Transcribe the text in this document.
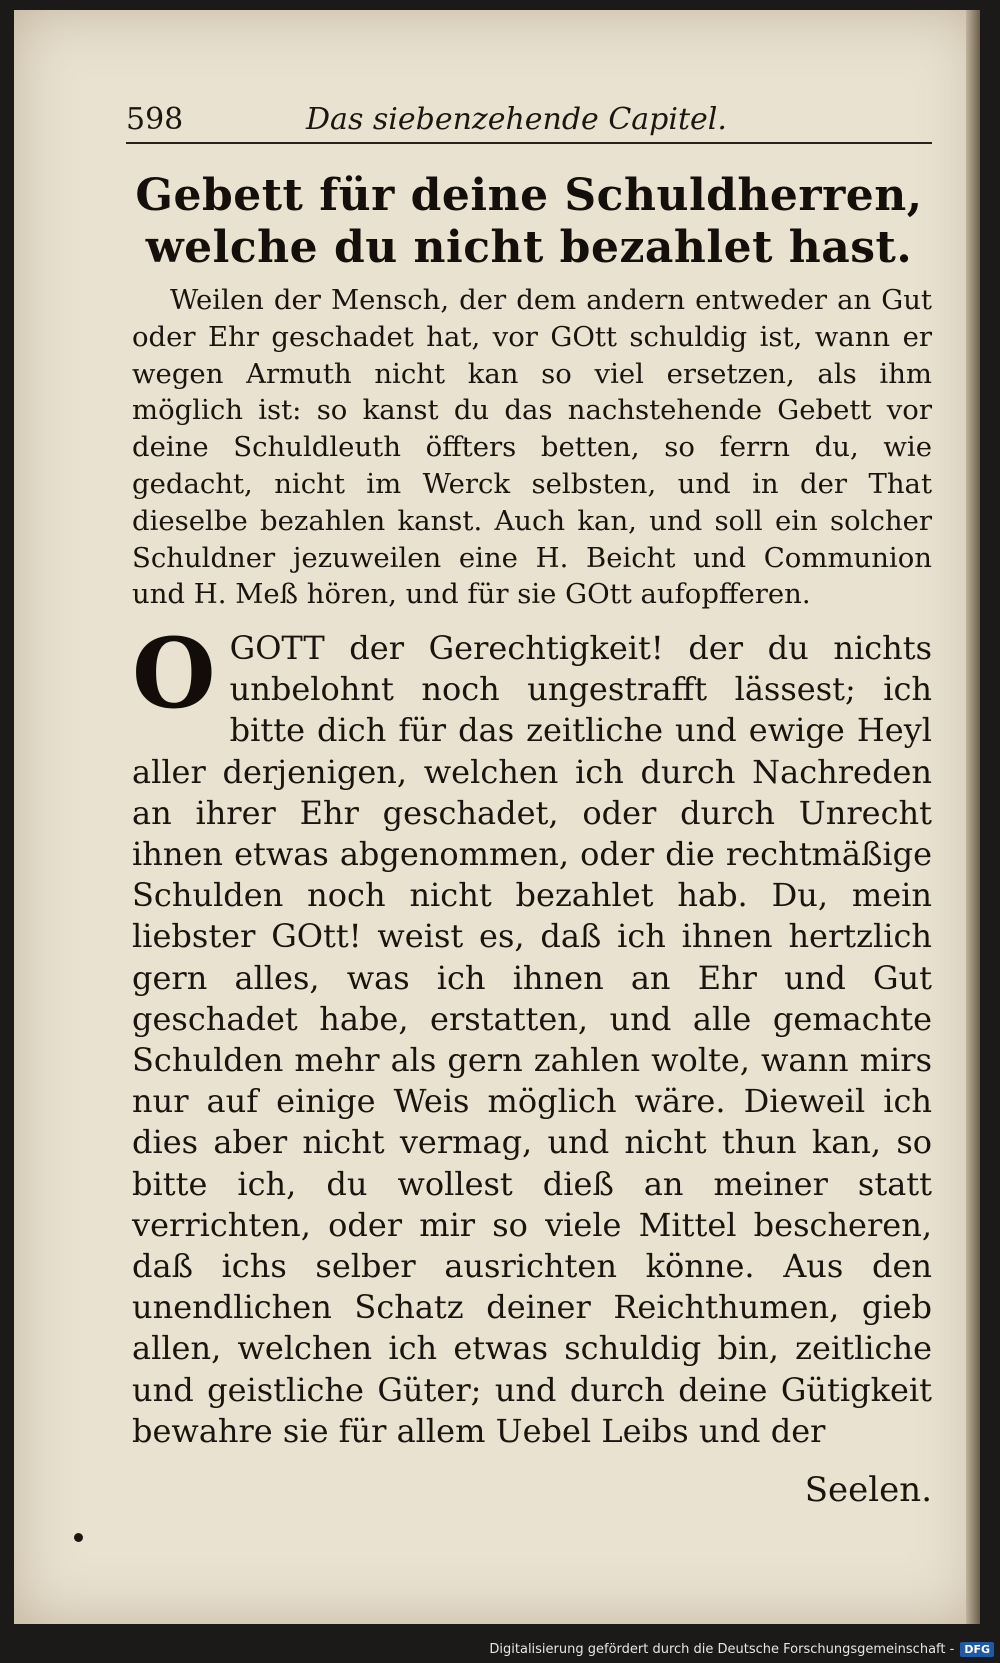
598	Das siebenzehende Capitel.
Gebett für deine Schuldherren, welche du nicht bezahlet hast.

Weilen der Mensch, der dem andern entweder an Gut oder Ehr geschadet hat, vor GOtt schuldig ist, wann er wegen Armuth nicht kan so viel ersetzen, als ihm möglich ist: so kanst du das nachstehende Gebett vor deine Schuldleuth öffters betten, so ferrn du, wie gedacht, nicht im Werck selbsten, und in der That dieselbe bezahlen kanst. Auch kan, und soll ein solcher Schuldner jezuweilen eine H. Beicht und Communion und H. Meß hören, und für sie GOtt aufopfferen.

O GOTT der Gerechtigkeit! der du nichts unbelohnt noch ungestrafft lässest; ich bitte dich für das zeitliche und ewige Heyl aller derjenigen, welchen ich durch Nachreden an ihrer Ehr geschadet, oder durch Unrecht ihnen etwas abgenommen, oder die rechtmäßige Schulden noch nicht bezahlet hab. Du, mein liebster GOtt! weist es, daß ich ihnen hertzlich gern alles, was ich ihnen an Ehr und Gut geschadet habe, erstatten, und alle gemachte Schulden mehr als gern zahlen wolte, wann mirs nur auf einige Weis möglich wäre. Dieweil ich dies aber nicht vermag, und nicht thun kan, so bitte ich, du wollest dieß an meiner statt verrichten, oder mir so viele Mittel bescheren, daß ichs selber ausrichten könne. Aus den unendlichen Schatz deiner Reichthumen, gieb allen, welchen ich etwas schuldig bin, zeitliche und geistliche Güter; und durch deine Gütigkeit bewahre sie für allem Uebel Leibs und der
Seelen.
Digitalisierung gefördert durch die Deutsche Forschungsgemeinschaft - DFG
